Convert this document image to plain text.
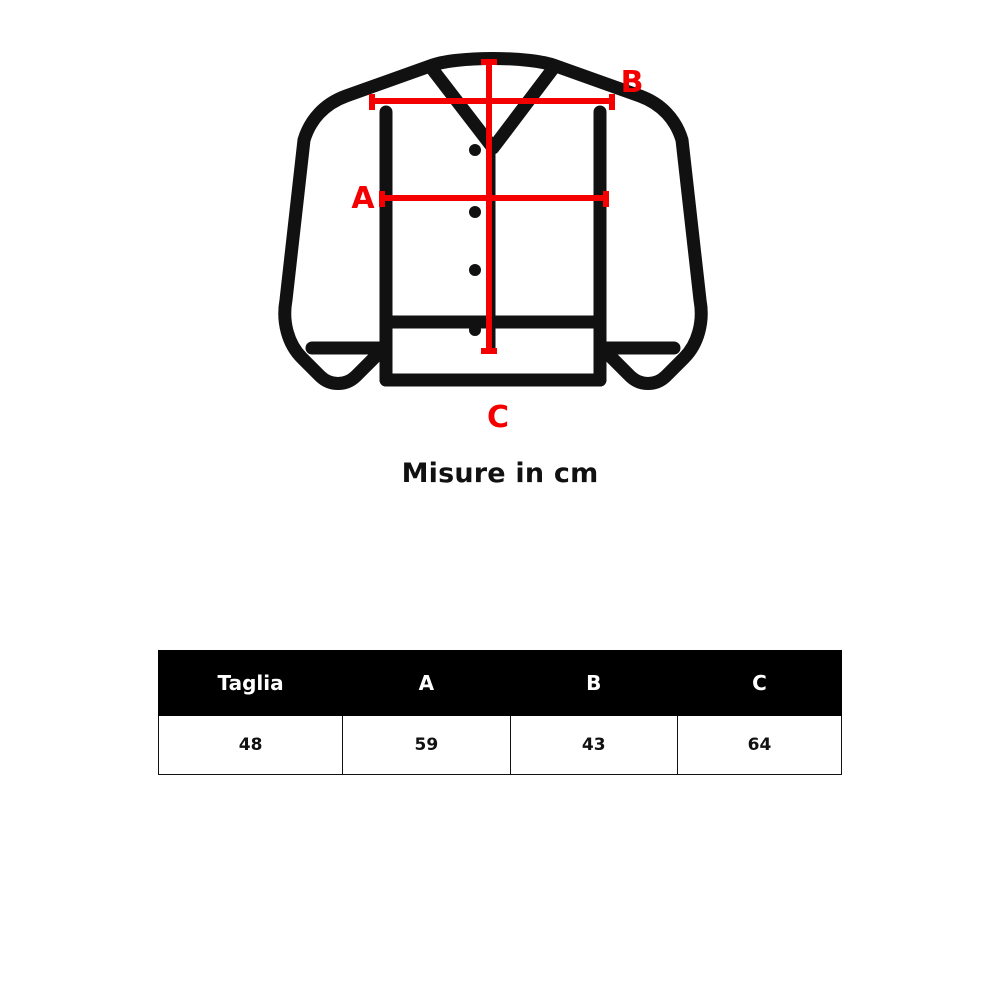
B
A
C
Misure in cm
Taglia	A	B	C
48	59	43	64
